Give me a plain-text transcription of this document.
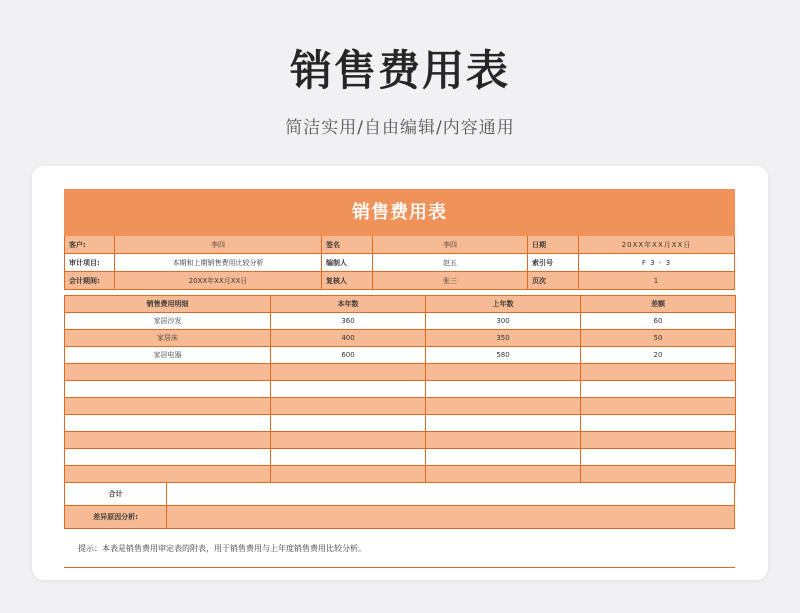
销售费用表
简洁实用/自由编辑/内容通用
销售费用表
客户:	李四	签名	李四	日期	20XX年XX月XX日
审计项目:	本期和上期销售费用比较分析	编制人	赵五	索引号	F 3 - 3
会计期间:	20XX年XX月XX日	复核人	张三	页次	1
销售费用明细	本年数	上年数	差额
家居沙发	360	300	60
家居床	400	350	50
家居电器	600	580	20

合计
差异原因分析:
提示：本表是销售费用审定表的附表，用于销售费用与上年度销售费用比较分析。
